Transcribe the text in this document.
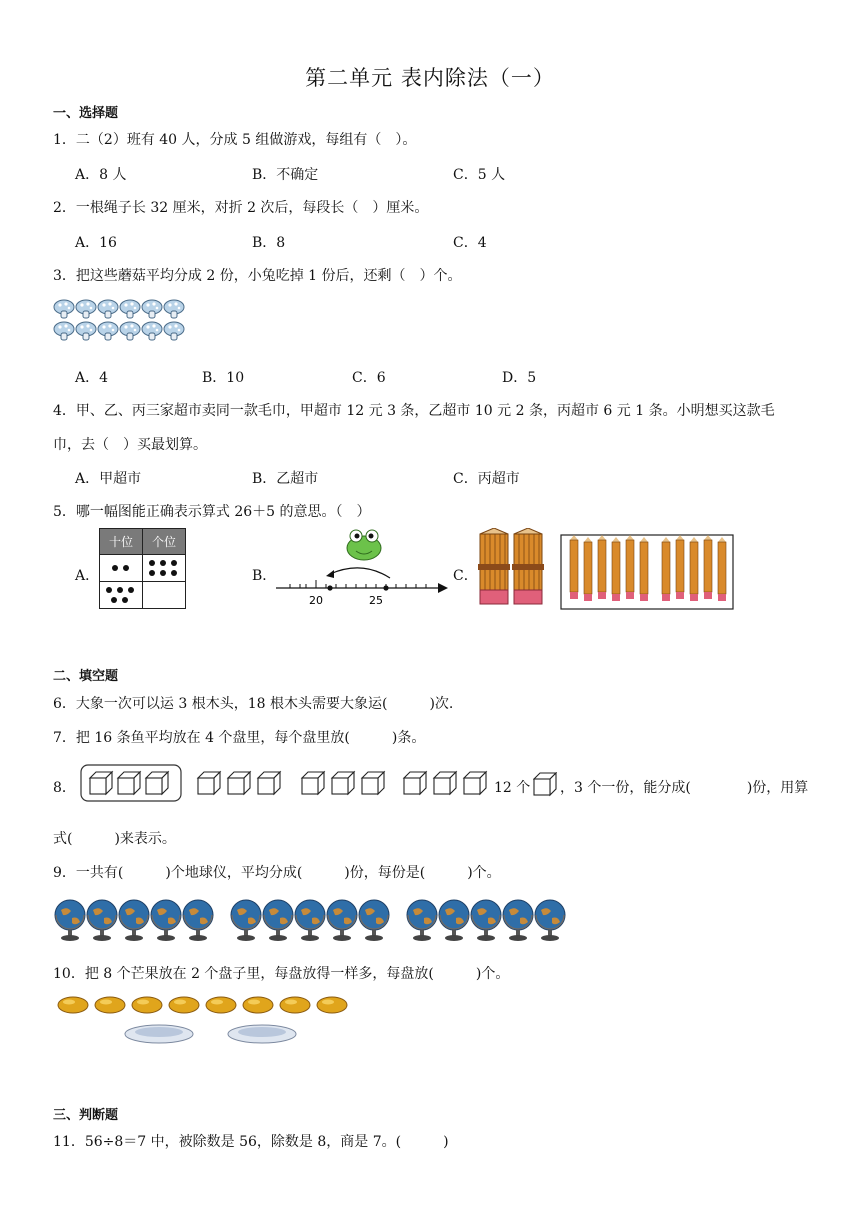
第二单元 表内除法（一）
一、选择题
1．二（2）班有 40 人，分成 5 组做游戏，每组有（　）。
A．8 人	B．不确定	C．5 人
2．一根绳子长 32 厘米，对折 2 次后，每段长（　）厘米。
A．16	B．8	C．4
3．把这些蘑菇平均分成 2 份，小兔吃掉 1 份后，还剩（　）个。
A．4	B．10	C．6	D．5
4．甲、乙、丙三家超市卖同一款毛巾，甲超市 12 元 3 条，乙超市 10 元 2 条，丙超市 6 元 1 条。小明想买这款毛
巾，去（　）买最划算。
A．甲超市	B．乙超市	C．丙超市
5．哪一幅图能正确表示算式 26＋5 的意思。（　）
A．
十位 个位
B．
20	25
C．
二、填空题
6．大象一次可以运 3 根木头，18 根木头需要大象运(　　　)次.
7．把 16 条鱼平均放在 4 个盘里，每个盘里放(　　　)条。
8．	12 个 ，3 个一份，能分成(　　　　)份，用算
式(　　　)来表示。
9．一共有(　　　)个地球仪，平均分成(　　　)份，每份是(　　　)个。
10．把 8 个芒果放在 2 个盘子里，每盘放得一样多，每盘放(　　　)个。
三、判断题
11．56÷8＝7 中，被除数是 56，除数是 8，商是 7。(　　　)
